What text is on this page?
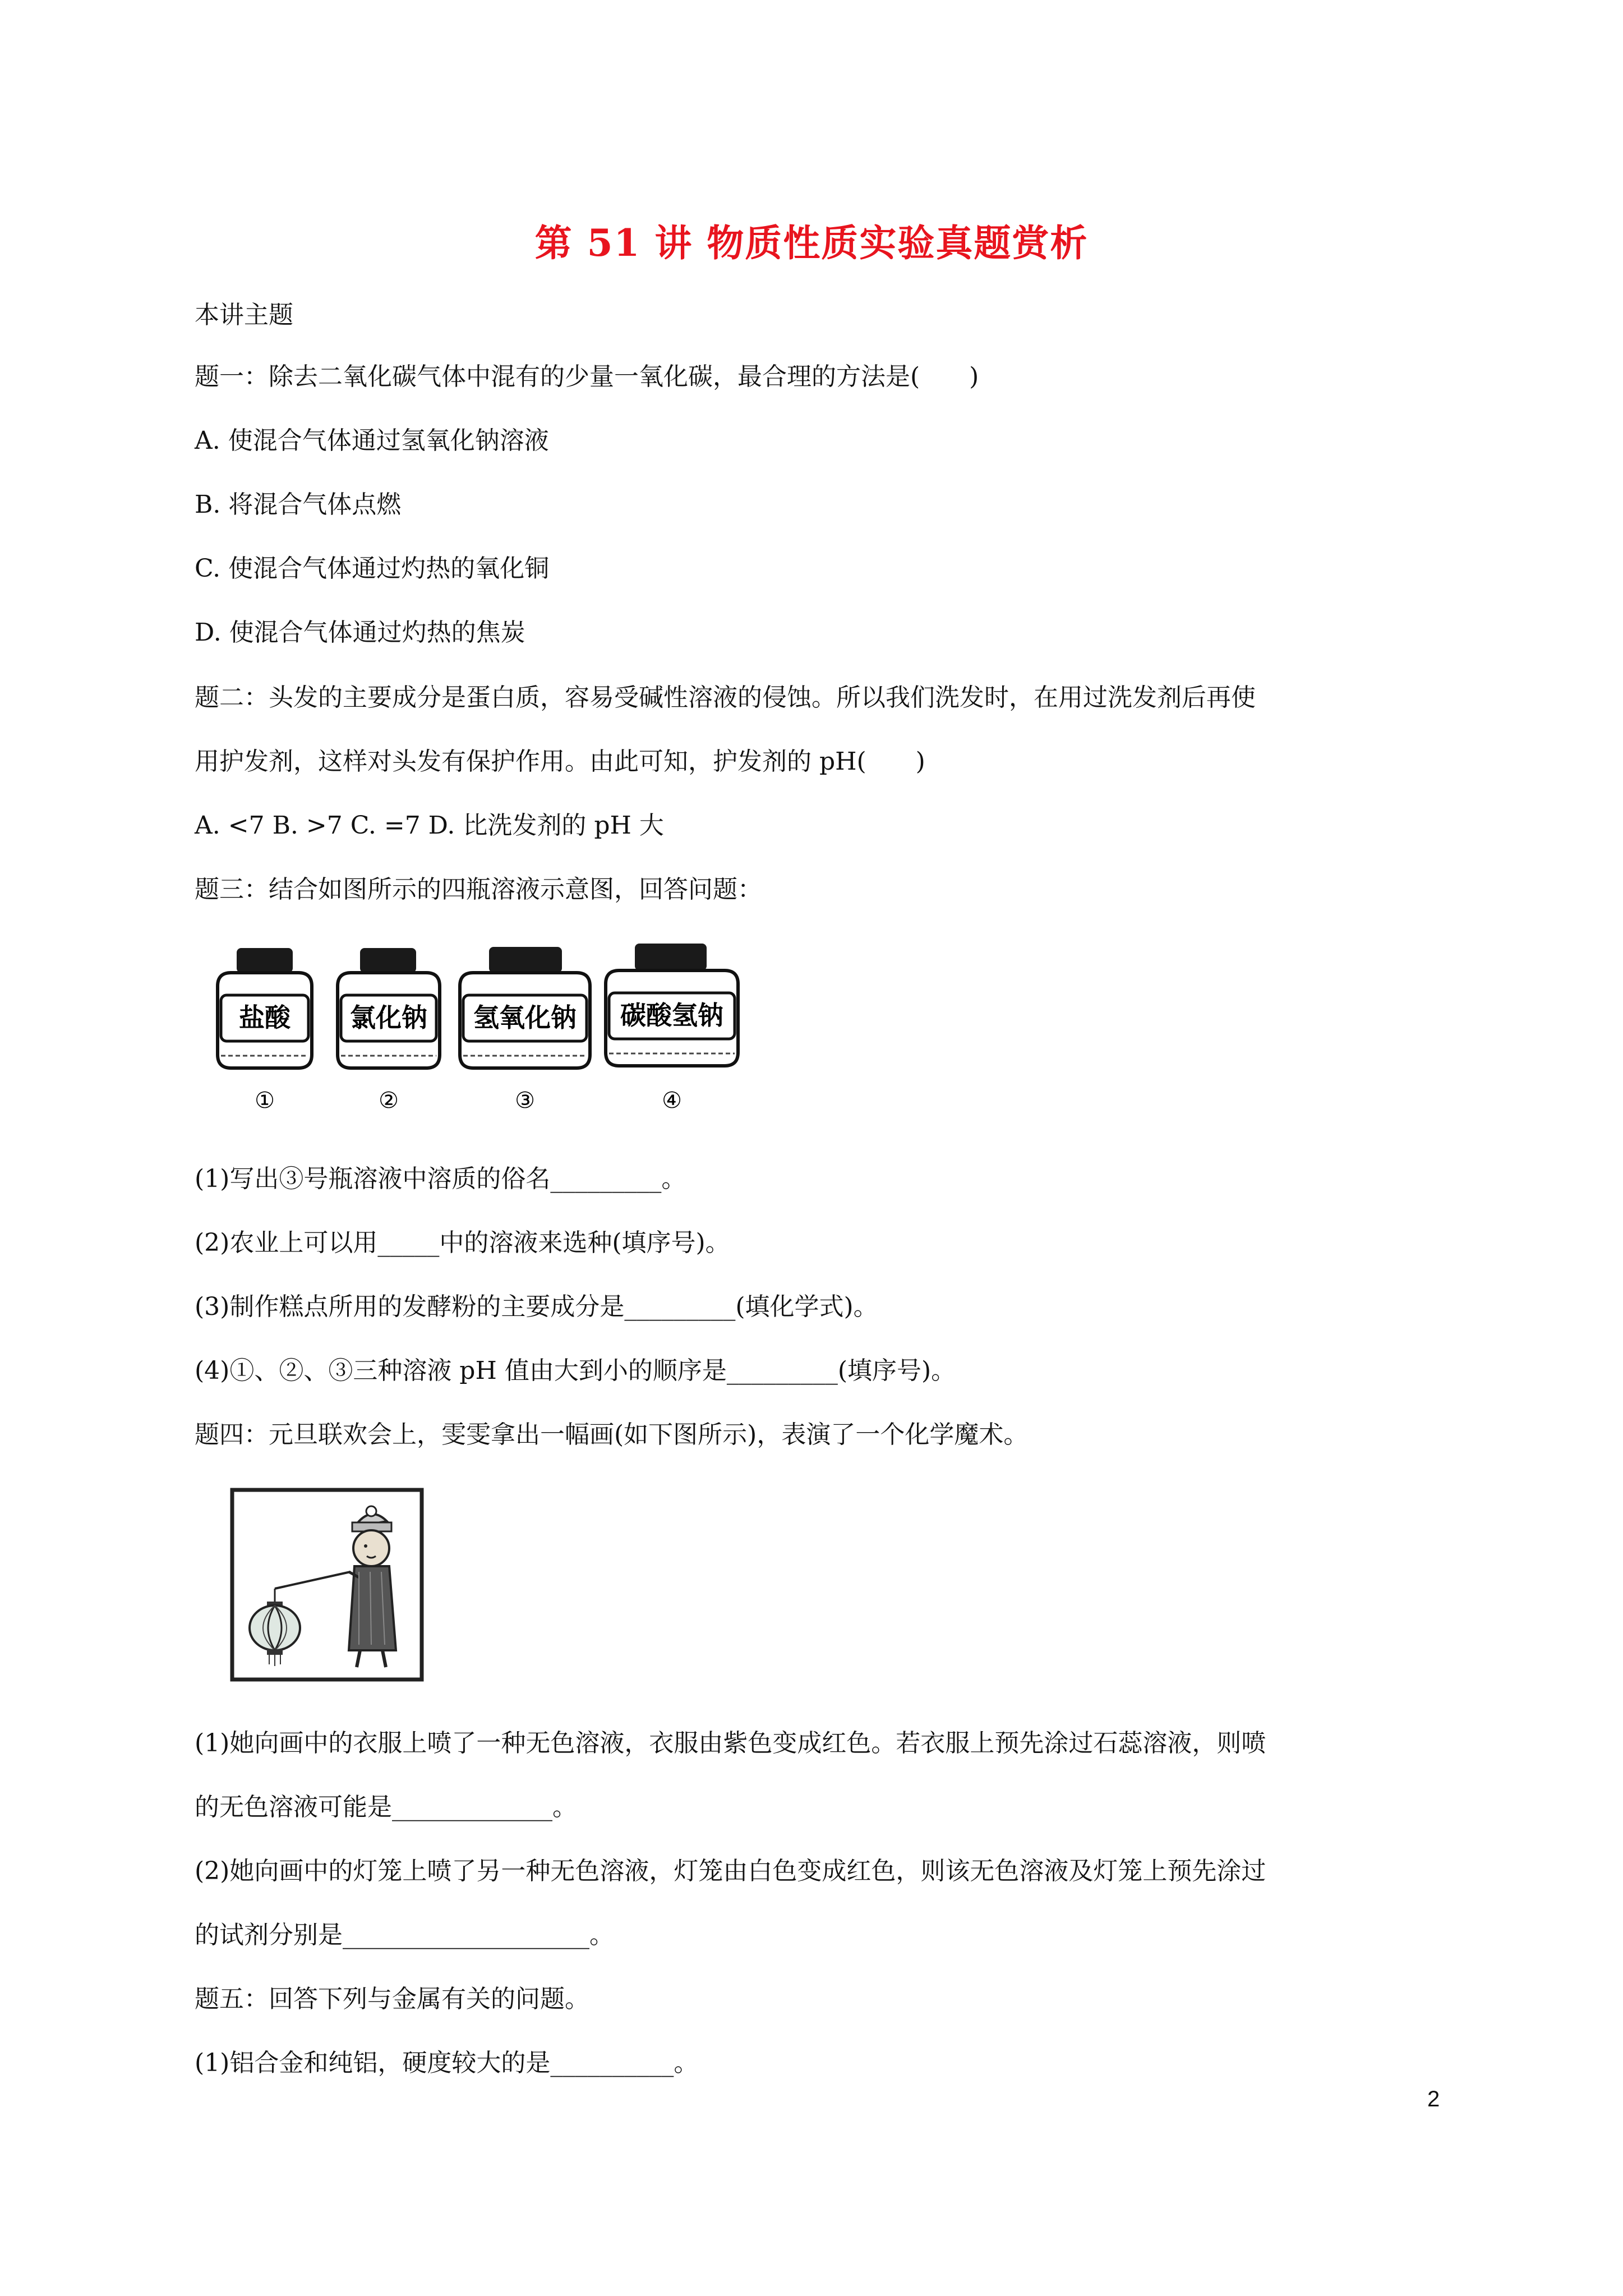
第 51 讲 物质性质实验真题赏析
本讲主题
题一：除去二氧化碳气体中混有的少量一氧化碳，最合理的方法是(　　)
A. 使混合气体通过氢氧化钠溶液
B. 将混合气体点燃
C. 使混合气体通过灼热的氧化铜
D. 使混合气体通过灼热的焦炭
题二：头发的主要成分是蛋白质，容易受碱性溶液的侵蚀。所以我们洗发时，在用过洗发剂后再使
用护发剂，这样对头发有保护作用。由此可知，护发剂的 pH(　　)
A. <7 B. >7 C. =7 D. 比洗发剂的 pH 大
题三：结合如图所示的四瓶溶液示意图，回答问题：
盐酸
①
氯化钠
②
氢氧化钠
③
碳酸氢钠
④
(1)写出③号瓶溶液中溶质的俗名_________。
(2)农业上可以用_____中的溶液来选种(填序号)。
(3)制作糕点所用的发酵粉的主要成分是_________(填化学式)。
(4)①、②、③三种溶液 pH 值由大到小的顺序是_________(填序号)。
题四：元旦联欢会上，雯雯拿出一幅画(如下图所示)，表演了一个化学魔术。
(1)她向画中的衣服上喷了一种无色溶液，衣服由紫色变成红色。若衣服上预先涂过石蕊溶液，则喷
的无色溶液可能是_____________。
(2)她向画中的灯笼上喷了另一种无色溶液，灯笼由白色变成红色，则该无色溶液及灯笼上预先涂过
的试剂分别是____________________。
题五：回答下列与金属有关的问题。
(1)铝合金和纯铝，硬度较大的是__________。
2
